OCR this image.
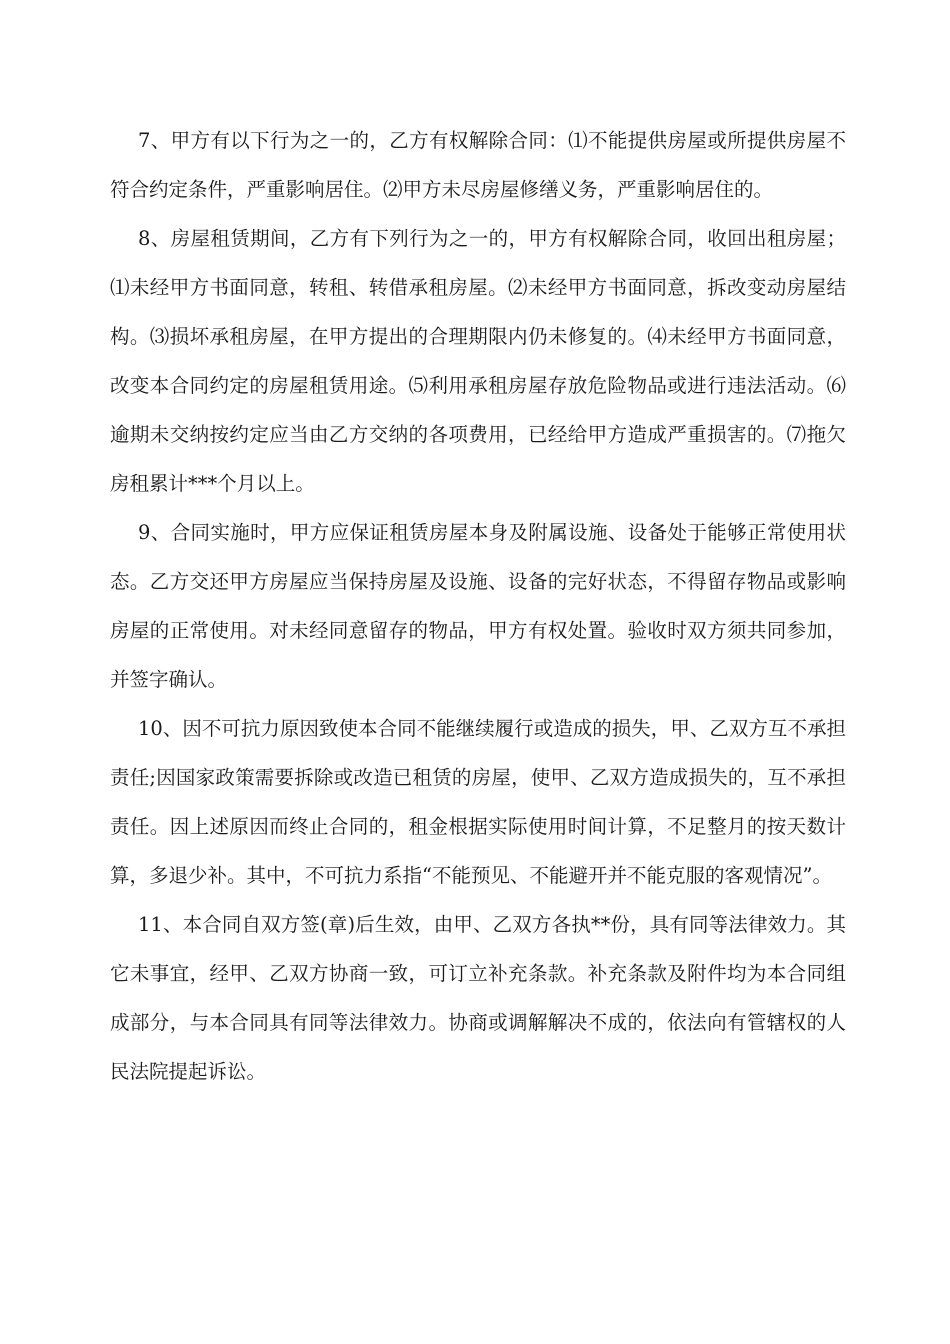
7、甲方有以下行为之一的，乙方有权解除合同：⑴不能提供房屋或所提供房屋不符合约定条件，严重影响居住。⑵甲方未尽房屋修缮义务，严重影响居住的。

8、房屋租赁期间，乙方有下列行为之一的，甲方有权解除合同，收回出租房屋；⑴未经甲方书面同意，转租、转借承租房屋。⑵未经甲方书面同意，拆改变动房屋结构。⑶损坏承租房屋，在甲方提出的合理期限内仍未修复的。⑷未经甲方书面同意，改变本合同约定的房屋租赁用途。⑸利用承租房屋存放危险物品或进行违法活动。⑹逾期未交纳按约定应当由乙方交纳的各项费用，已经给甲方造成严重损害的。⑺拖欠房租累计***个月以上。

9、合同实施时，甲方应保证租赁房屋本身及附属设施、设备处于能够正常使用状态。乙方交还甲方房屋应当保持房屋及设施、设备的完好状态，不得留存物品或影响房屋的正常使用。对未经同意留存的物品，甲方有权处置。验收时双方须共同参加，并签字确认。

10、因不可抗力原因致使本合同不能继续履行或造成的损失，甲、乙双方互不承担责任;因国家政策需要拆除或改造已租赁的房屋，使甲、乙双方造成损失的，互不承担责任。因上述原因而终止合同的，租金根据实际使用时间计算，不足整月的按天数计算，多退少补。其中，不可抗力系指“不能预见、不能避开并不能克服的客观情况”。

11、本合同自双方签(章)后生效，由甲、乙双方各执**份，具有同等法律效力。其它未事宜，经甲、乙双方协商一致，可订立补充条款。补充条款及附件均为本合同组成部分，与本合同具有同等法律效力。协商或调解解决不成的，依法向有管辖权的人民法院提起诉讼。
